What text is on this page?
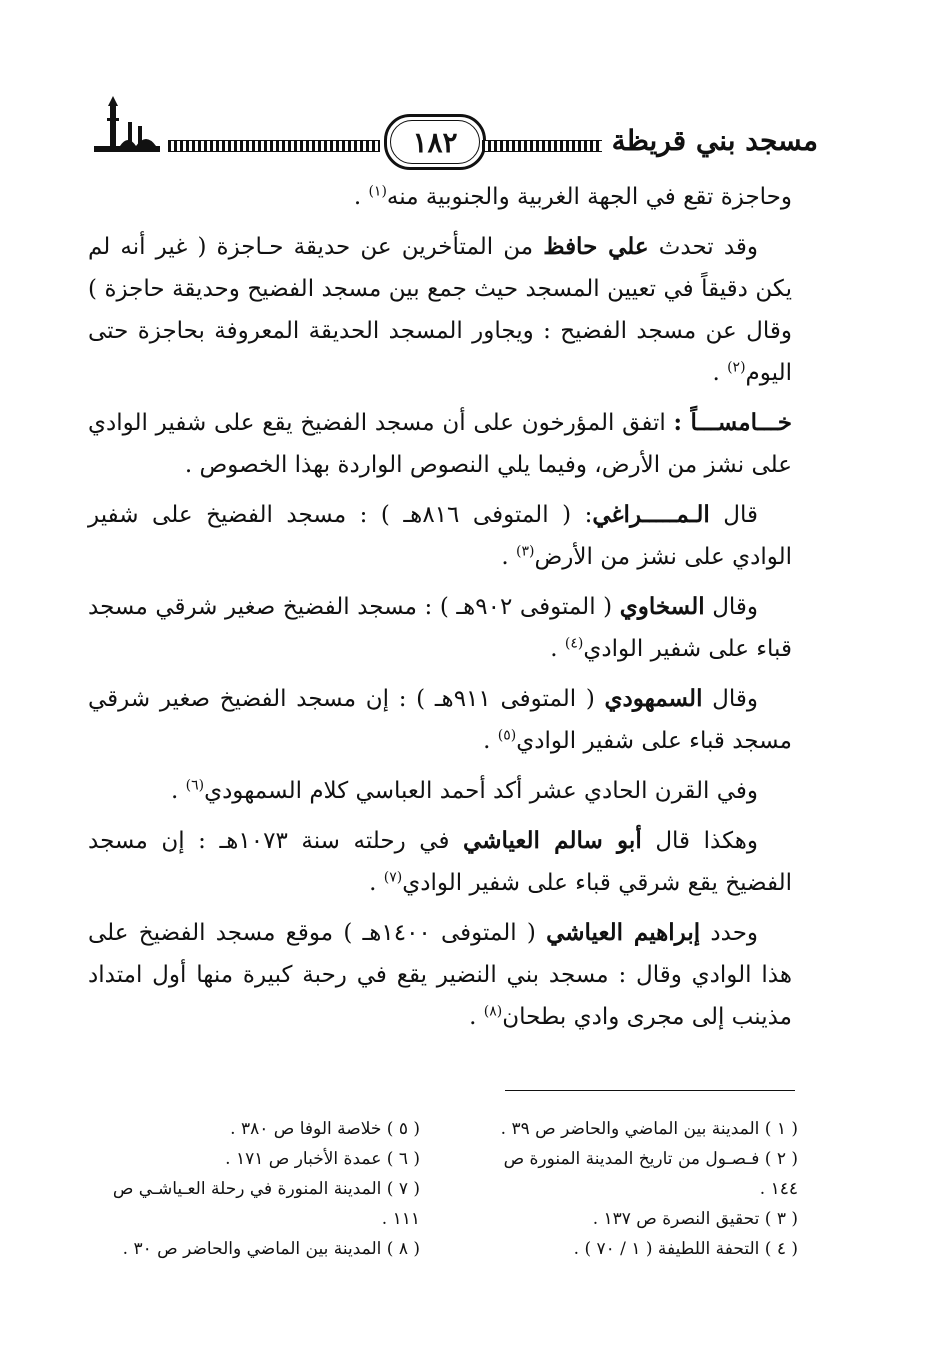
١٨٢	مسجد بني قريظة

وحاجزة تقع في الجهة الغربية والجنوبية منه$^{(١)}$ .

وقد تحدث علي حافظ من المتأخرين عن حديقة حـاجزة ( غير أنه لم يكن دقيقاً في تعيين المسجد حيث جمع بين مسجد الفضيح وحديقة حاجزة ) وقال عن مسجد الفضيح : ويجاور المسجد الحديقة المعروفة بحاجزة حتى اليوم$^{(٢)}$ .

خـــامســـاً : اتفق المؤرخون على أن مسجد الفضيخ يقع على شفير الوادي على نشز من الأرض، وفيما يلي النصوص الواردة بهذا الخصوص .

قال الـمـــــراغي: ( المتوفى ٨١٦هـ ) : مسجد الفضيخ على شفير الوادي على نشز من الأرض$^{(٣)}$ .

وقال السخاوي ( المتوفى ٩٠٢هـ ) : مسجد الفضيخ صغير شرقي مسجد قباء على شفير الوادي$^{(٤)}$ .

وقال السمهودي ( المتوفى ٩١١هـ ) : إن مسجد الفضيخ صغير شرقي مسجد قباء على شفير الوادي$^{(٥)}$ .

وفي القرن الحادي عشر أكد أحمد العباسي كلام السمهودي$^{(٦)}$ .

وهكذا قال أبو سالم العياشي في رحلته سنة ١٠٧٣هـ : إن مسجد الفضيخ يقع شرقي قباء على شفير الوادي$^{(٧)}$ .

وحدد إبراهيم العياشي ( المتوفى ١٤٠٠هـ ) موقع مسجد الفضيخ على هذا الوادي وقال : مسجد بني النضير يقع في رحبة كبيرة منها أول امتداد مذينب إلى مجرى وادي بطحان$^{(٨)}$ .

( ١ ) المدينة بين الماضي والحاضر ص ٣٩ .

( ٢ ) فـصـول من تاريخ المدينة المنورة ص

١٤٤ .

( ٣ ) تحقيق النصرة ص ١٣٧ .

( ٤ ) التحفة اللطيفة ( ١ / ٧٠ ) .

( ٥ ) خلاصة الوفا ص ٣٨٠ .

( ٦ ) عمدة الأخبار ص ١٧١ .

( ٧ ) المدينة المنورة في رحلة العـياشـي ص

١١١ .

( ٨ ) المدينة بين الماضي والحاضر ص ٣٠ .
